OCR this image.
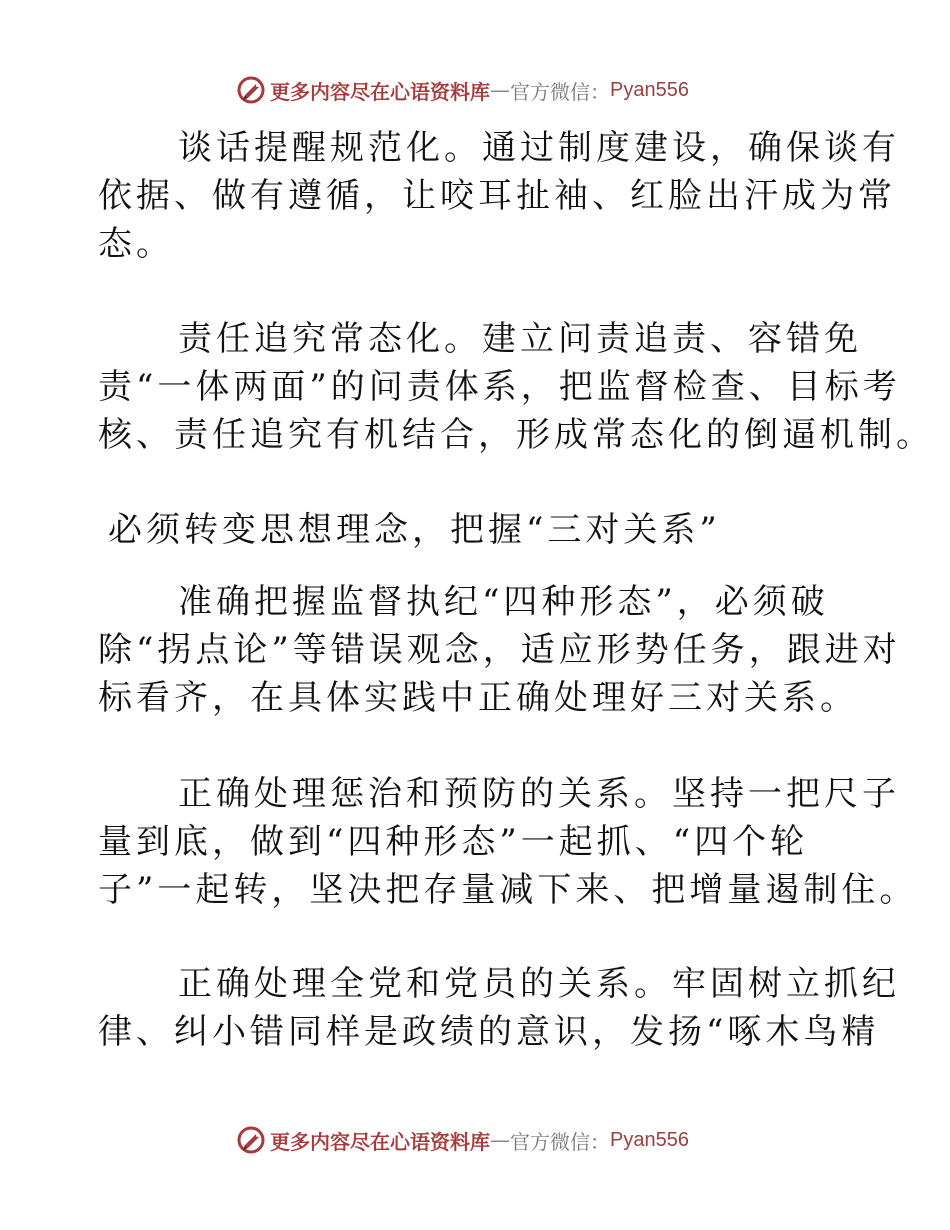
更多内容尽在心语资料库 — 官方微信： Pyan556

谈话提醒规范化。通过制度建设，确保谈有
依据、做有遵循，让咬耳扯袖、红脸出汗成为常
态。

责任追究常态化。建立问责追责、容错免
责“一体两面”的问责体系，把监督检查、目标考
核、责任追究有机结合，形成常态化的倒逼机制。

必须转变思想理念，把握“三对关系”

准确把握监督执纪“四种形态”，必须破
除“拐点论”等错误观念，适应形势任务，跟进对
标看齐，在具体实践中正确处理好三对关系。

正确处理惩治和预防的关系。坚持一把尺子
量到底，做到“四种形态”一起抓、“四个轮
子”一起转，坚决把存量减下来、把增量遏制住。

正确处理全党和党员的关系。牢固树立抓纪
律、纠小错同样是政绩的意识，发扬“啄木鸟精

更多内容尽在心语资料库 — 官方微信： Pyan556
